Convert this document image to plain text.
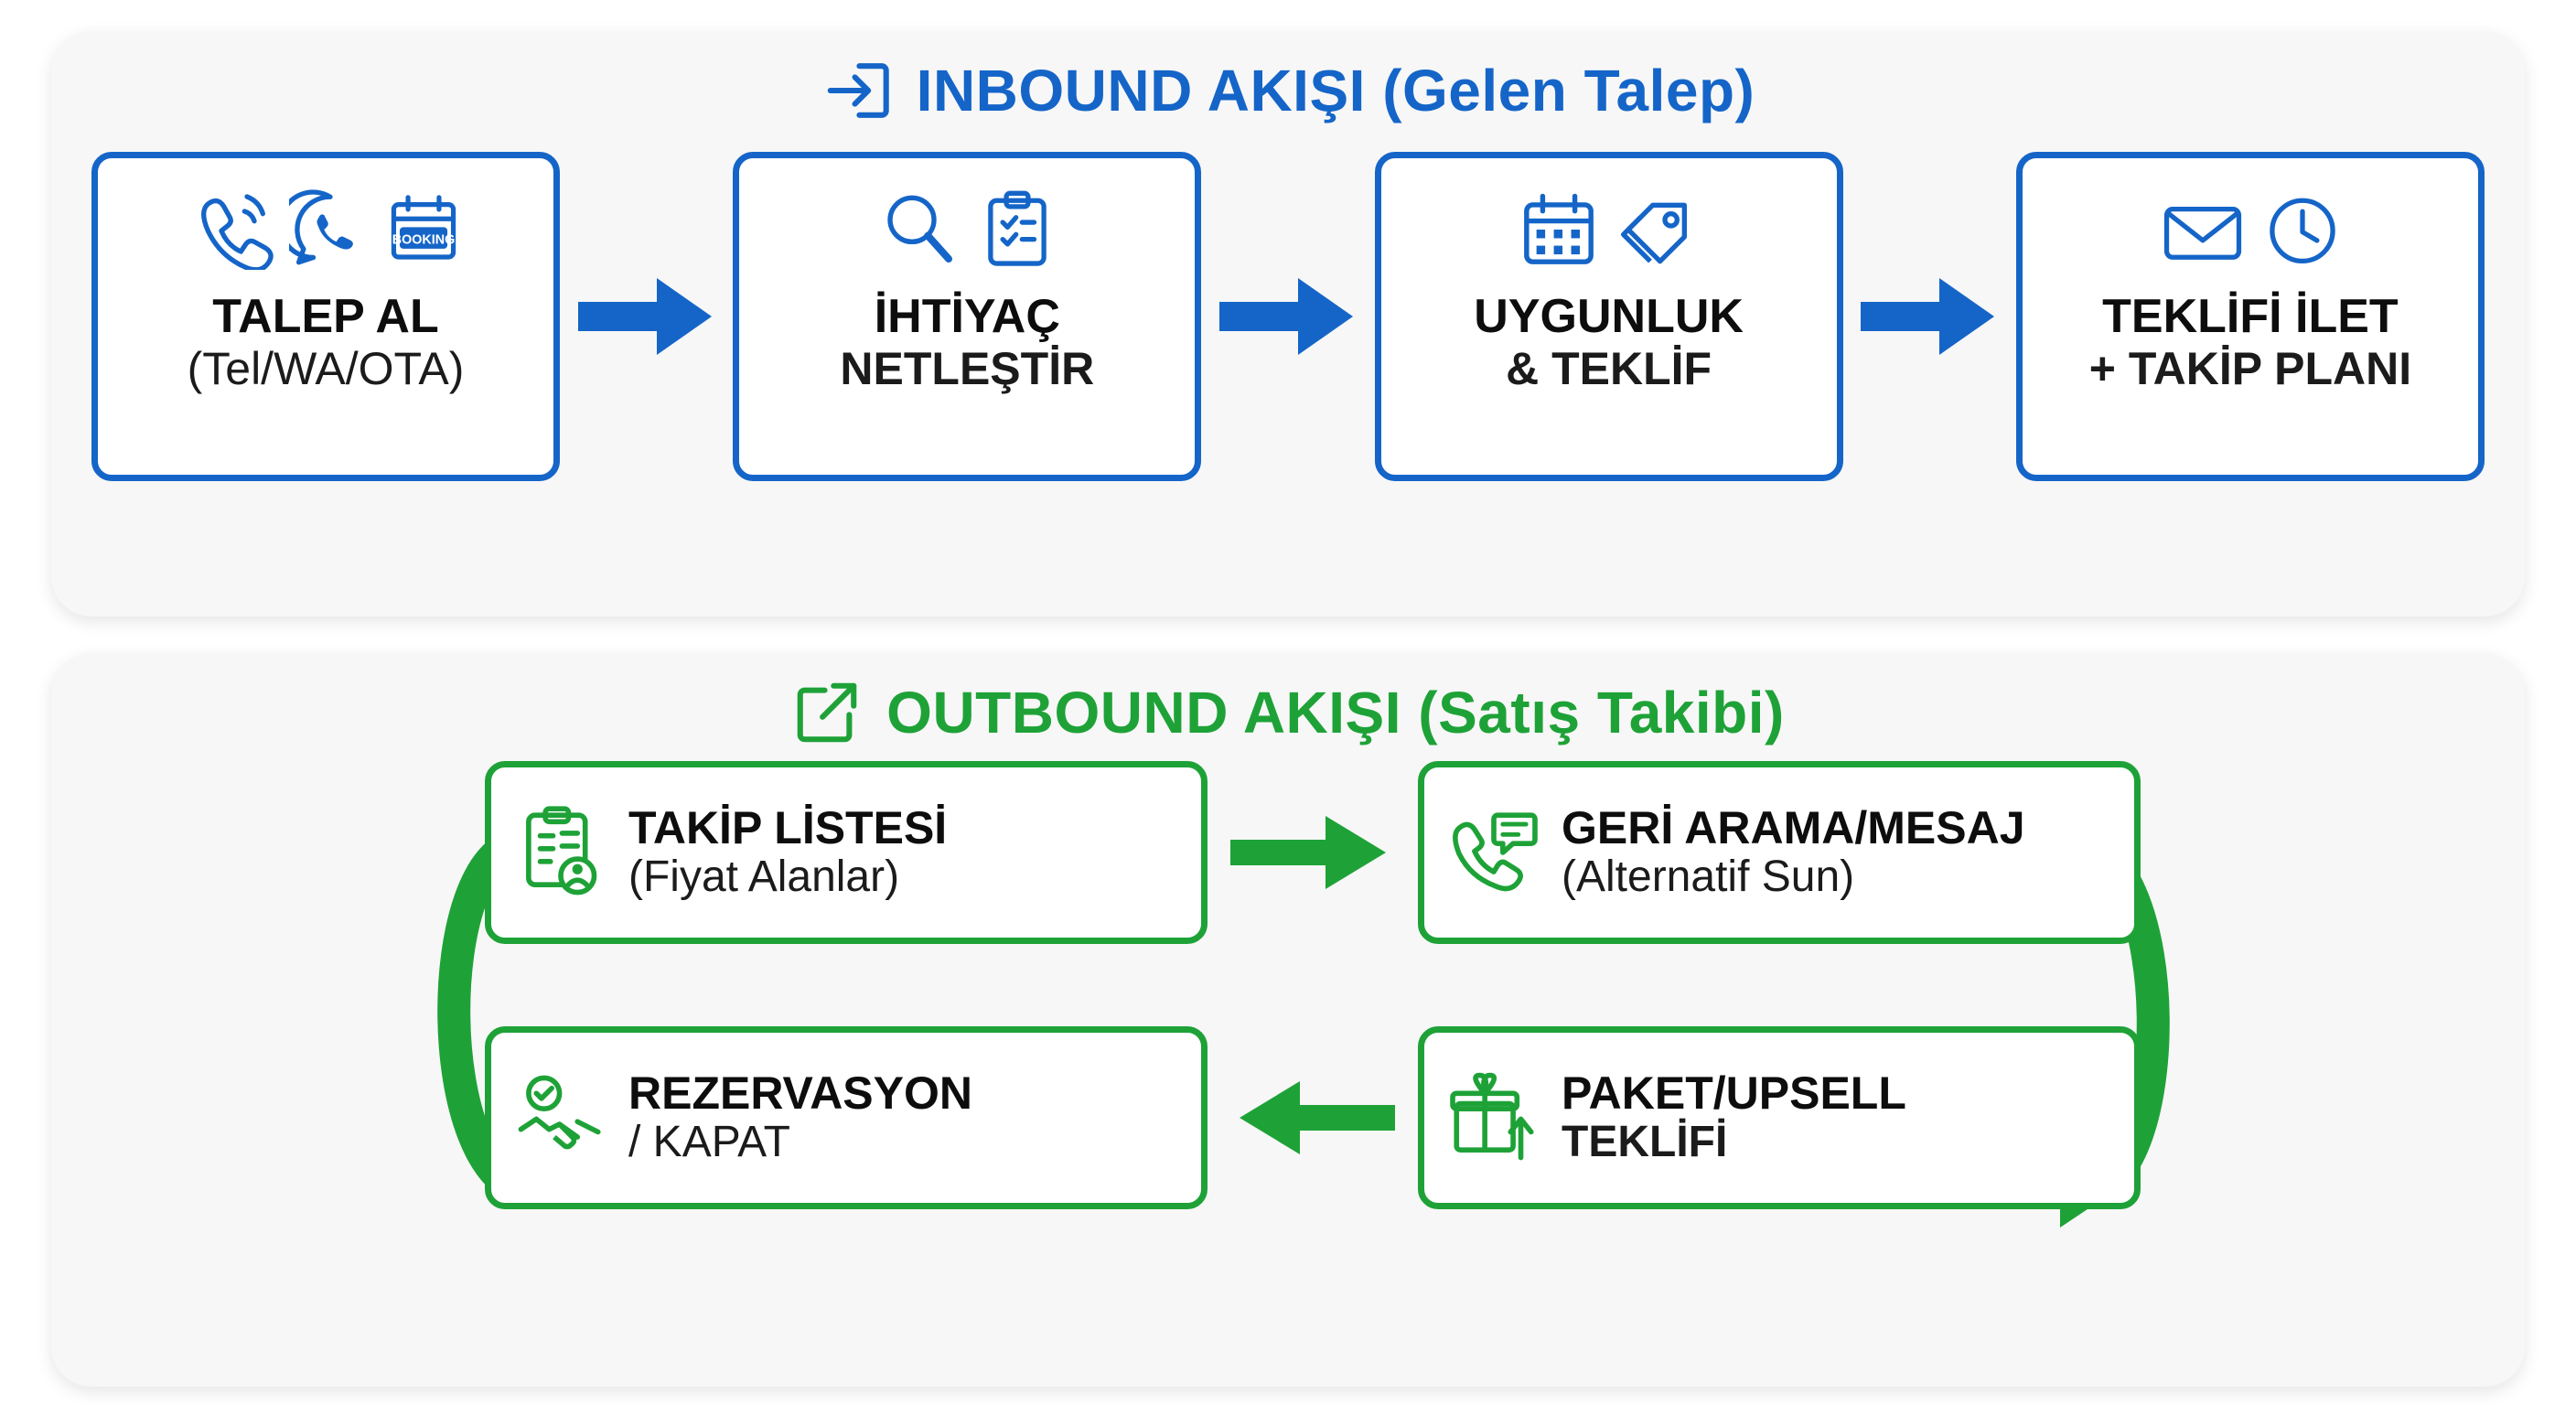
INBOUND AKIŞI (Gelen Talep)
BOOKING
TALEP AL
(Tel/WA/OTA)
İHTİYAÇ
NETLEŞTİR
UYGUNLUK
& TEKLİF
TEKLİFİ İLET
+ TAKİP PLANI
OUTBOUND AKIŞI (Satış Takibi)
TAKİP LİSTESİ
(Fiyat Alanlar)
GERİ ARAMA/MESAJ
(Alternatif Sun)
REZERVASYON
/ KAPAT
PAKET/UPSELL
TEKLİFİ
